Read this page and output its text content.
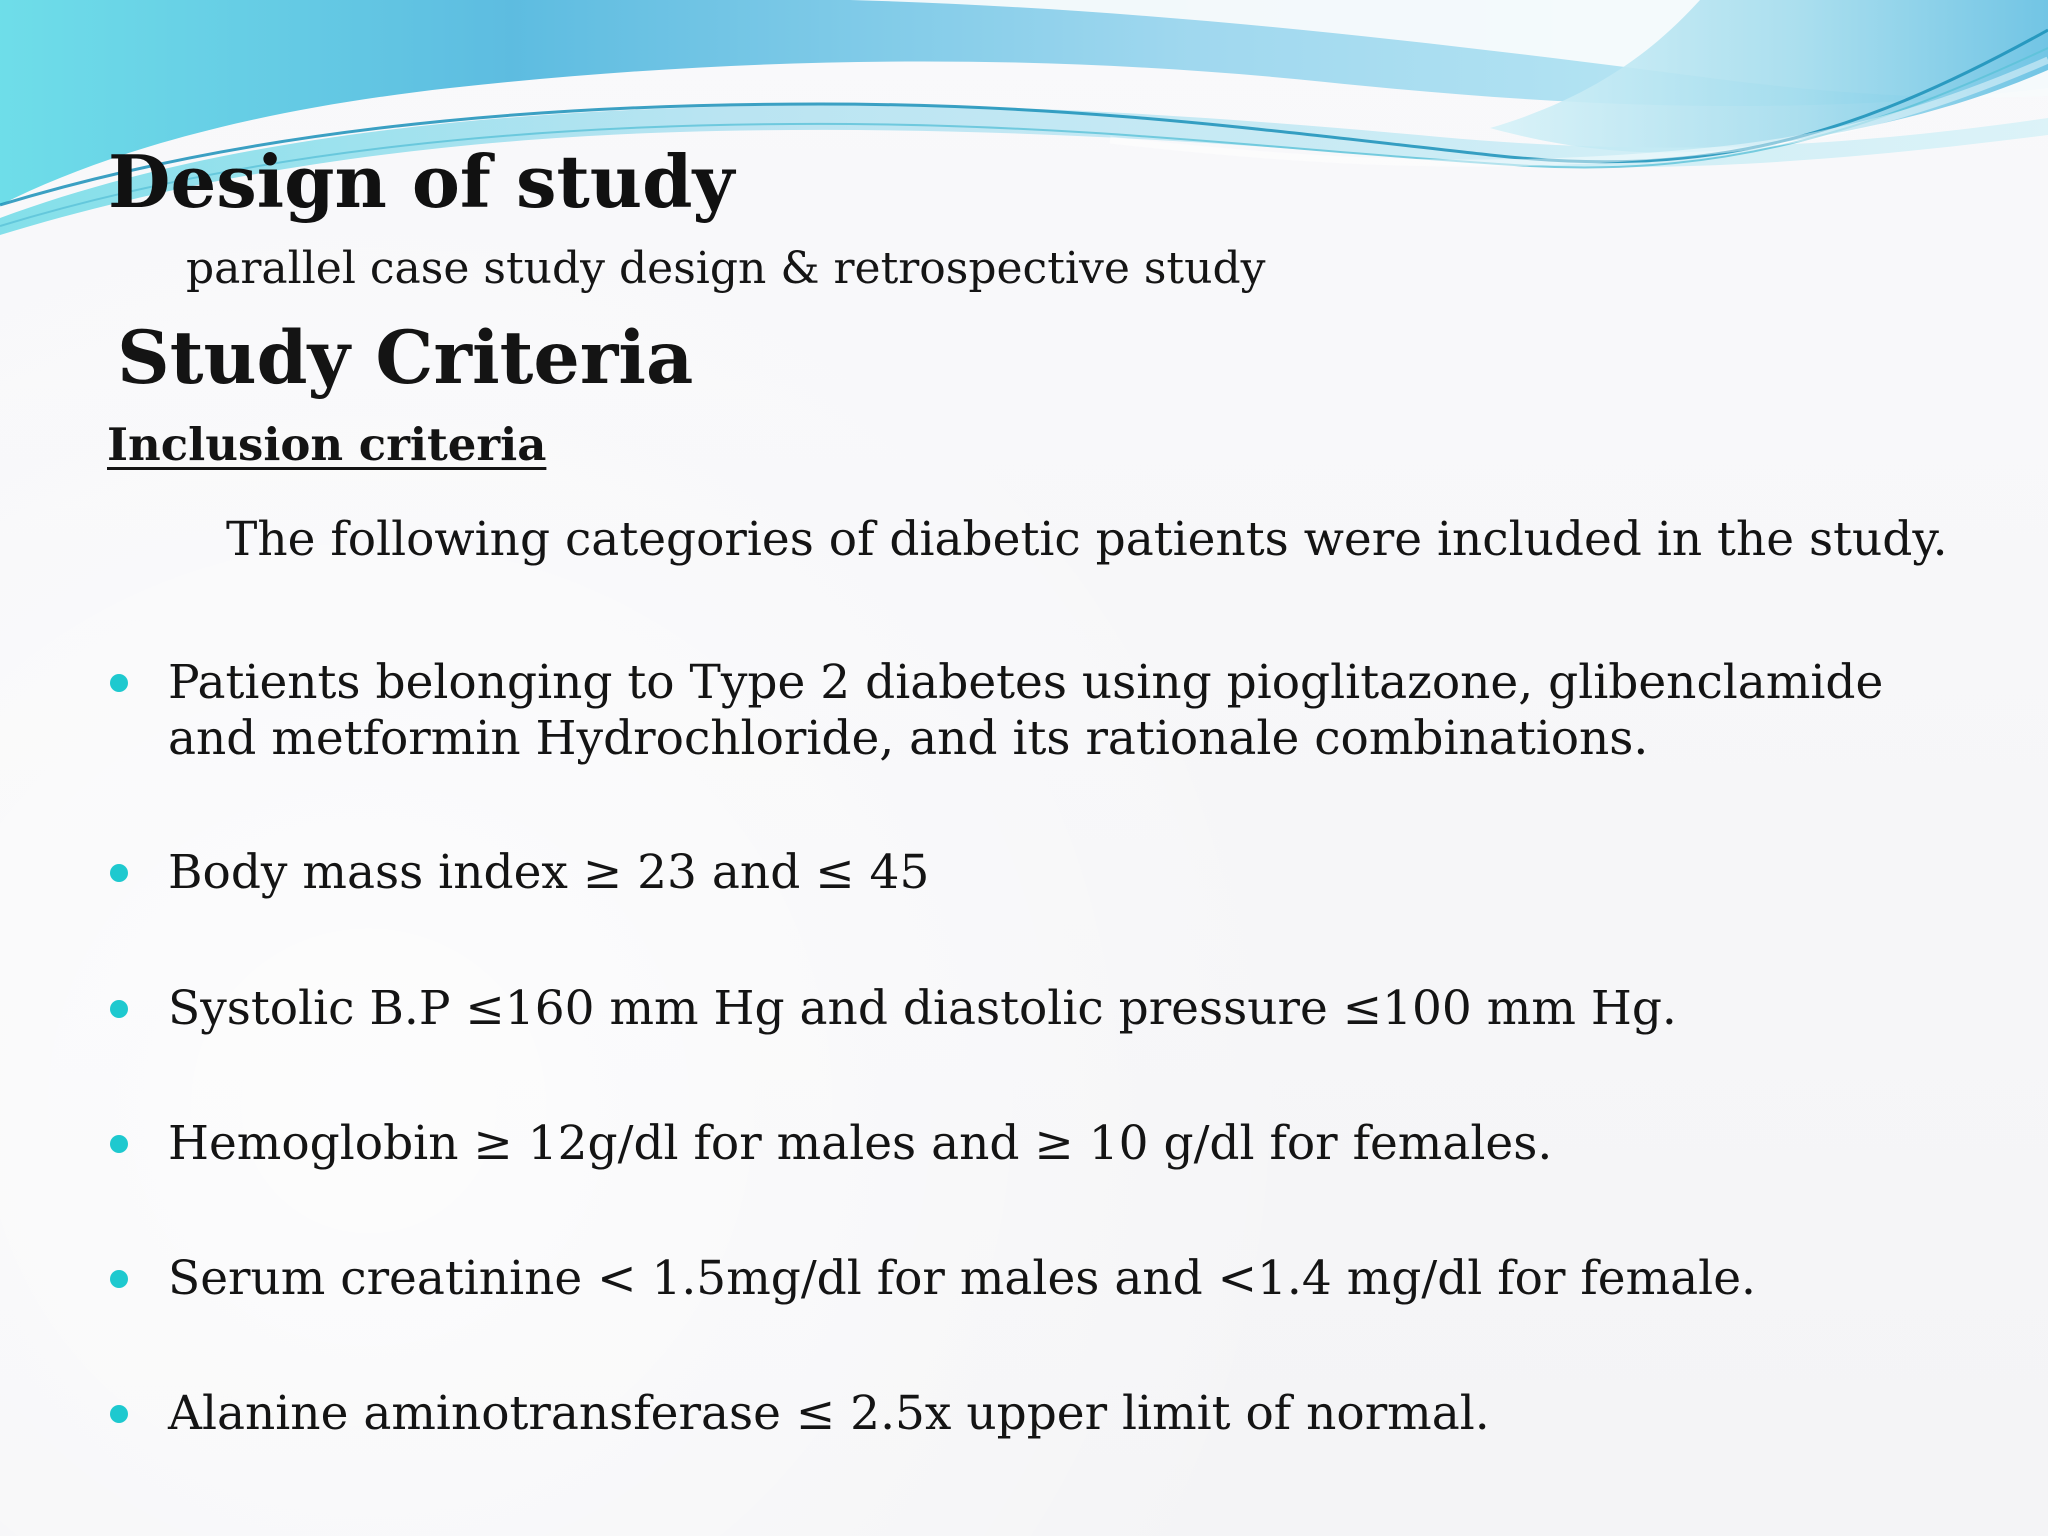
Design of study

parallel case study design & retrospective study

Study Criteria
Inclusion criteria

The following categories of diabetic patients were included in the study.

Patients belonging to Type 2 diabetes using pioglitazone, glibenclamide and metformin Hydrochloride, and its rationale combinations.
Body mass index ≥ 23 and ≤ 45
Systolic B.P ≤160 mm Hg and diastolic pressure ≤100 mm Hg.
Hemoglobin ≥ 12g/dl for males and ≥ 10 g/dl for females.
Serum creatinine < 1.5mg/dl for males and <1.4 mg/dl for female.
Alanine aminotransferase ≤ 2.5x upper limit of normal.
